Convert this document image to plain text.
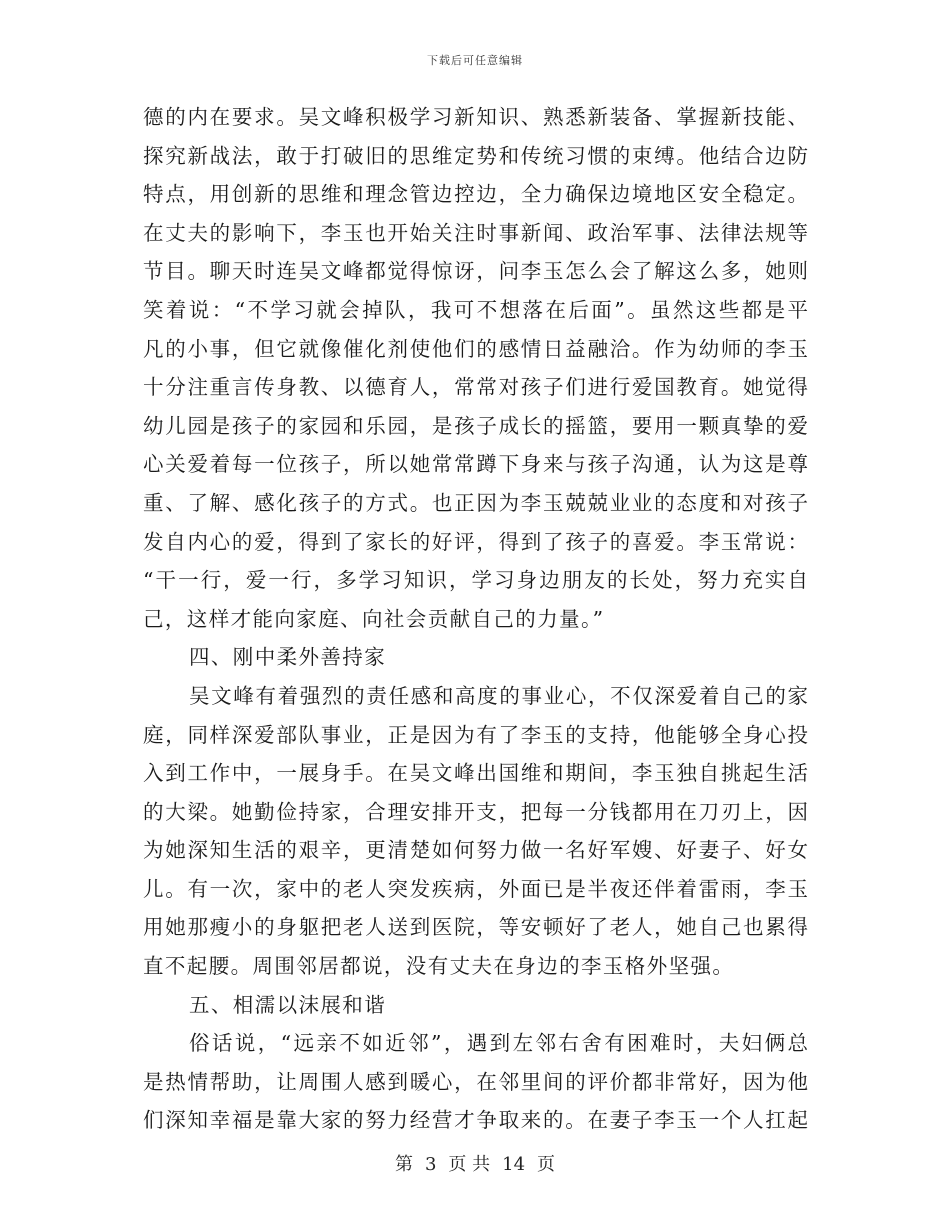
下载后可任意编辑
德的内在要求。吴文峰积极学习新知识、熟悉新装备、掌握新技能、
探究新战法，敢于打破旧的思维定势和传统习惯的束缚。他结合边防
特点，用创新的思维和理念管边控边，全力确保边境地区安全稳定。
在丈夫的影响下，李玉也开始关注时事新闻、政治军事、法律法规等
节目。聊天时连吴文峰都觉得惊讶，问李玉怎么会了解这么多，她则
笑着说：“不学习就会掉队，我可不想落在后面”。虽然这些都是平
凡的小事，但它就像催化剂使他们的感情日益融洽。作为幼师的李玉
十分注重言传身教、以德育人，常常对孩子们进行爱国教育。她觉得
幼儿园是孩子的家园和乐园，是孩子成长的摇篮，要用一颗真挚的爱
心关爱着每一位孩子，所以她常常蹲下身来与孩子沟通，认为这是尊
重、了解、感化孩子的方式。也正因为李玉兢兢业业的态度和对孩子
发自内心的爱，得到了家长的好评，得到了孩子的喜爱。李玉常说：
“干一行，爱一行，多学习知识，学习身边朋友的长处，努力充实自
己，这样才能向家庭、向社会贡献自己的力量。”
四、刚中柔外善持家
吴文峰有着强烈的责任感和高度的事业心，不仅深爱着自己的家
庭，同样深爱部队事业，正是因为有了李玉的支持，他能够全身心投
入到工作中，一展身手。在吴文峰出国维和期间，李玉独自挑起生活
的大梁。她勤俭持家，合理安排开支，把每一分钱都用在刀刃上，因
为她深知生活的艰辛，更清楚如何努力做一名好军嫂、好妻子、好女
儿。有一次，家中的老人突发疾病，外面已是半夜还伴着雷雨，李玉
用她那瘦小的身躯把老人送到医院，等安顿好了老人，她自己也累得
直不起腰。周围邻居都说，没有丈夫在身边的李玉格外坚强。
五、相濡以沫展和谐
俗话说，“远亲不如近邻”，遇到左邻右舍有困难时，夫妇俩总
是热情帮助，让周围人感到暖心，在邻里间的评价都非常好，因为他
们深知幸福是靠大家的努力经营才争取来的。在妻子李玉一个人扛起
第 3 页 共 14 页
